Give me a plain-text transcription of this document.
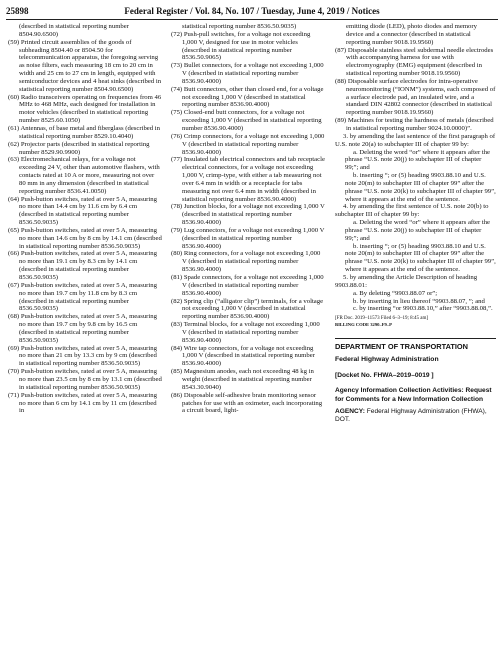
25898	Federal Register / Vol. 84, No. 107 / Tuesday, June 4, 2019 / Notices
(described in statistical reporting number 8504.90.6500)
(59) Printed circuit assemblies of the goods of subheading 8504.40 or 8504.50 for telecommunication apparatus, the foregoing serving as noise filters, each measuring 18 cm to 20 cm in width and 25 cm to 27 cm in length, equipped with semiconductor devices and 4 heat sinks (described in statistical reporting number 8504.90.6500)
(60) Radio transceivers operating on frequencies from 46 MHz to 468 MHz, each designed for installation in motor vehicles (described in statistical reporting number 8525.60.1050)
(61) Antennas, of base metal and fiberglass (described in statistical reporting number 8529.10.4040)
(62) Projector parts (described in statistical reporting number 8529.90.9900)
(63) Electromechanical relays, for a voltage not exceeding 24 V, other than automotive flashers, with contacts rated at 10 A or more, measuring not over 80 mm in any dimension (described in statistical reporting number 8536.41.0050)
(64) Push-button switches, rated at over 5 A, measuring no more than 14.4 cm by 11.6 cm by 6.4 cm (described in statistical reporting number 8536.50.9035)
(65) Push-button switches, rated at over 5 A, measuring no more than 14.6 cm by 8 cm by 14.1 cm (described in statistical reporting number 8536.50.9035)
(66) Push-button switches, rated at over 5 A, measuring no more than 19.1 cm by 8.3 cm by 14.1 cm (described in statistical reporting number 8536.50.9035)
(67) Push-button switches, rated at over 5 A, measuring no more than 19.7 cm by 11.8 cm by 8.3 cm (described in statistical reporting number 8536.50.9035)
(68) Push-button switches, rated at over 5 A, measuring no more than 19.7 cm by 9.8 cm by 16.5 cm (described in statistical reporting number 8536.50.9035)
(69) Push-button switches, rated at over 5 A, measuring no more than 21 cm by 13.3 cm by 9 cm (described in statistical reporting number 8536.50.9035)
(70) Push-button switches, rated at over 5 A, measuring no more than 23.5 cm by 8 cm by 13.1 cm (described in statistical reporting number 8536.50.9035)
(71) Push-button switches, rated at over 5 A, measuring no more than 6 cm by 14.1 cm by 11 cm (described in
statistical reporting number 8536.50.9035)
(72) Push-pull switches, for a voltage not exceeding 1,000 V, designed for use in motor vehicles (described in statistical reporting number 8536.50.9065)
(73) Bullet connectors, for a voltage not exceeding 1,000 V (described in statistical reporting number 8536.90.4000)
(74) Butt connectors, other than closed end, for a voltage not exceeding 1,000 V (described in statistical reporting number 8536.90.4000)
(75) Closed-end butt connectors, for a voltage not exceeding 1,000 V (described in statistical reporting number 8536.90.4000)
(76) Crimp connectors, for a voltage not exceeding 1,000 V (described in statistical reporting number 8536.90.4000)
(77) Insulated tab electrical connectors and tab receptacle electrical connectors, for a voltage not exceeding 1,000 V, crimp-type, with either a tab measuring not over 6.4 mm in width or a receptacle for tabs measuring not over 6.4 mm in width (described in statistical reporting number 8536.90.4000)
(78) Junction blocks, for a voltage not exceeding 1,000 V (described in statistical reporting number 8536.90.4000)
(79) Lug connectors, for a voltage not exceeding 1,000 V (described in statistical reporting number 8536.90.4000)
(80) Ring connectors, for a voltage not exceeding 1,000 V (described in statistical reporting number 8536.90.4000)
(81) Spade connectors, for a voltage not exceeding 1,000 V (described in statistical reporting number 8536.90.4000)
(82) Spring clip (“alligator clip”) terminals, for a voltage not exceeding 1,000 V (described in statistical reporting number 8536.90.4000)
(83) Terminal blocks, for a voltage not exceeding 1,000 V (described in statistical reporting number 8536.90.4000)
(84) Wire tap connectors, for a voltage not exceeding 1,000 V (described in statistical reporting number 8536.90.4000)
(85) Magnesium anodes, each not exceeding 48 kg in weight (described in statistical reporting number 8543.30.9040)
(86) Disposable self-adhesive brain monitoring sensor patches for use with an oximeter, each incorporating a circuit board, light-
emitting diode (LED), photo diodes and memory device and a connector (described in statistical reporting number 9018.19.9560)
(87) Disposable stainless steel subdermal needle electrodes with accompanying harness for use with electromyography (EMG) equipment (described in statistical reporting number 9018.19.9560)
(88) Disposable surface electrodes for intra-operative neuromonitoring (“IONM”) systems, each composed of a surface electrode pad, an insulated wire, and a standard DIN 42802 connector (described in statistical reporting number 9018.19.9560)
(89) Machines for testing the hardness of metals (described in statistical reporting number 9024.10.0000)”.
3. by amending the last sentence of the first paragraph of U.S. note 20(a) to subchapter III of chapter 99 by:
a. Deleting the word “or” where it appears after the phrase “U.S. note 20(j) to subchapter III of chapter 99;”; and
b. inserting “; or (5) heading 9903.88.10 and U.S. note 20(m) to subchapter III of chapter 99” after the phrase “U.S. note 20(k) to subchapter III of chapter 99”, where it appears at the end of the sentence.
4. by amending the first sentence of U.S. note 20(b) to subchapter III of chapter 99 by:
a. Deleting the word “or” where it appears after the phrase “U.S. note 20(j) to subchapter III of chapter 99;”; and
b. inserting “; or (5) heading 9903.88.10 and U.S. note 20(m) to subchapter III of chapter 99” after the phrase “U.S. note 20(k) to subchapter III of chapter 99”, where it appears at the end of the sentence.
5. by amending the Article Description of heading 9903.88.01:
a. By deleting “9903.88.07 or”;
b. by inserting in lieu thereof “9903.88.07, ”; and
c. by inserting “or 9903.88.10,” after “9903.88.08,”.
[FR Doc. 2019–11573 Filed 6–3–19; 8:45 am]
BILLING CODE 3290–F9–P
DEPARTMENT OF TRANSPORTATION
Federal Highway Administration
[Docket No. FHWA–2019–0019 ]
Agency Information Collection Activities: Request for Comments for a New Information Collection
AGENCY: Federal Highway Administration (FHWA), DOT.
